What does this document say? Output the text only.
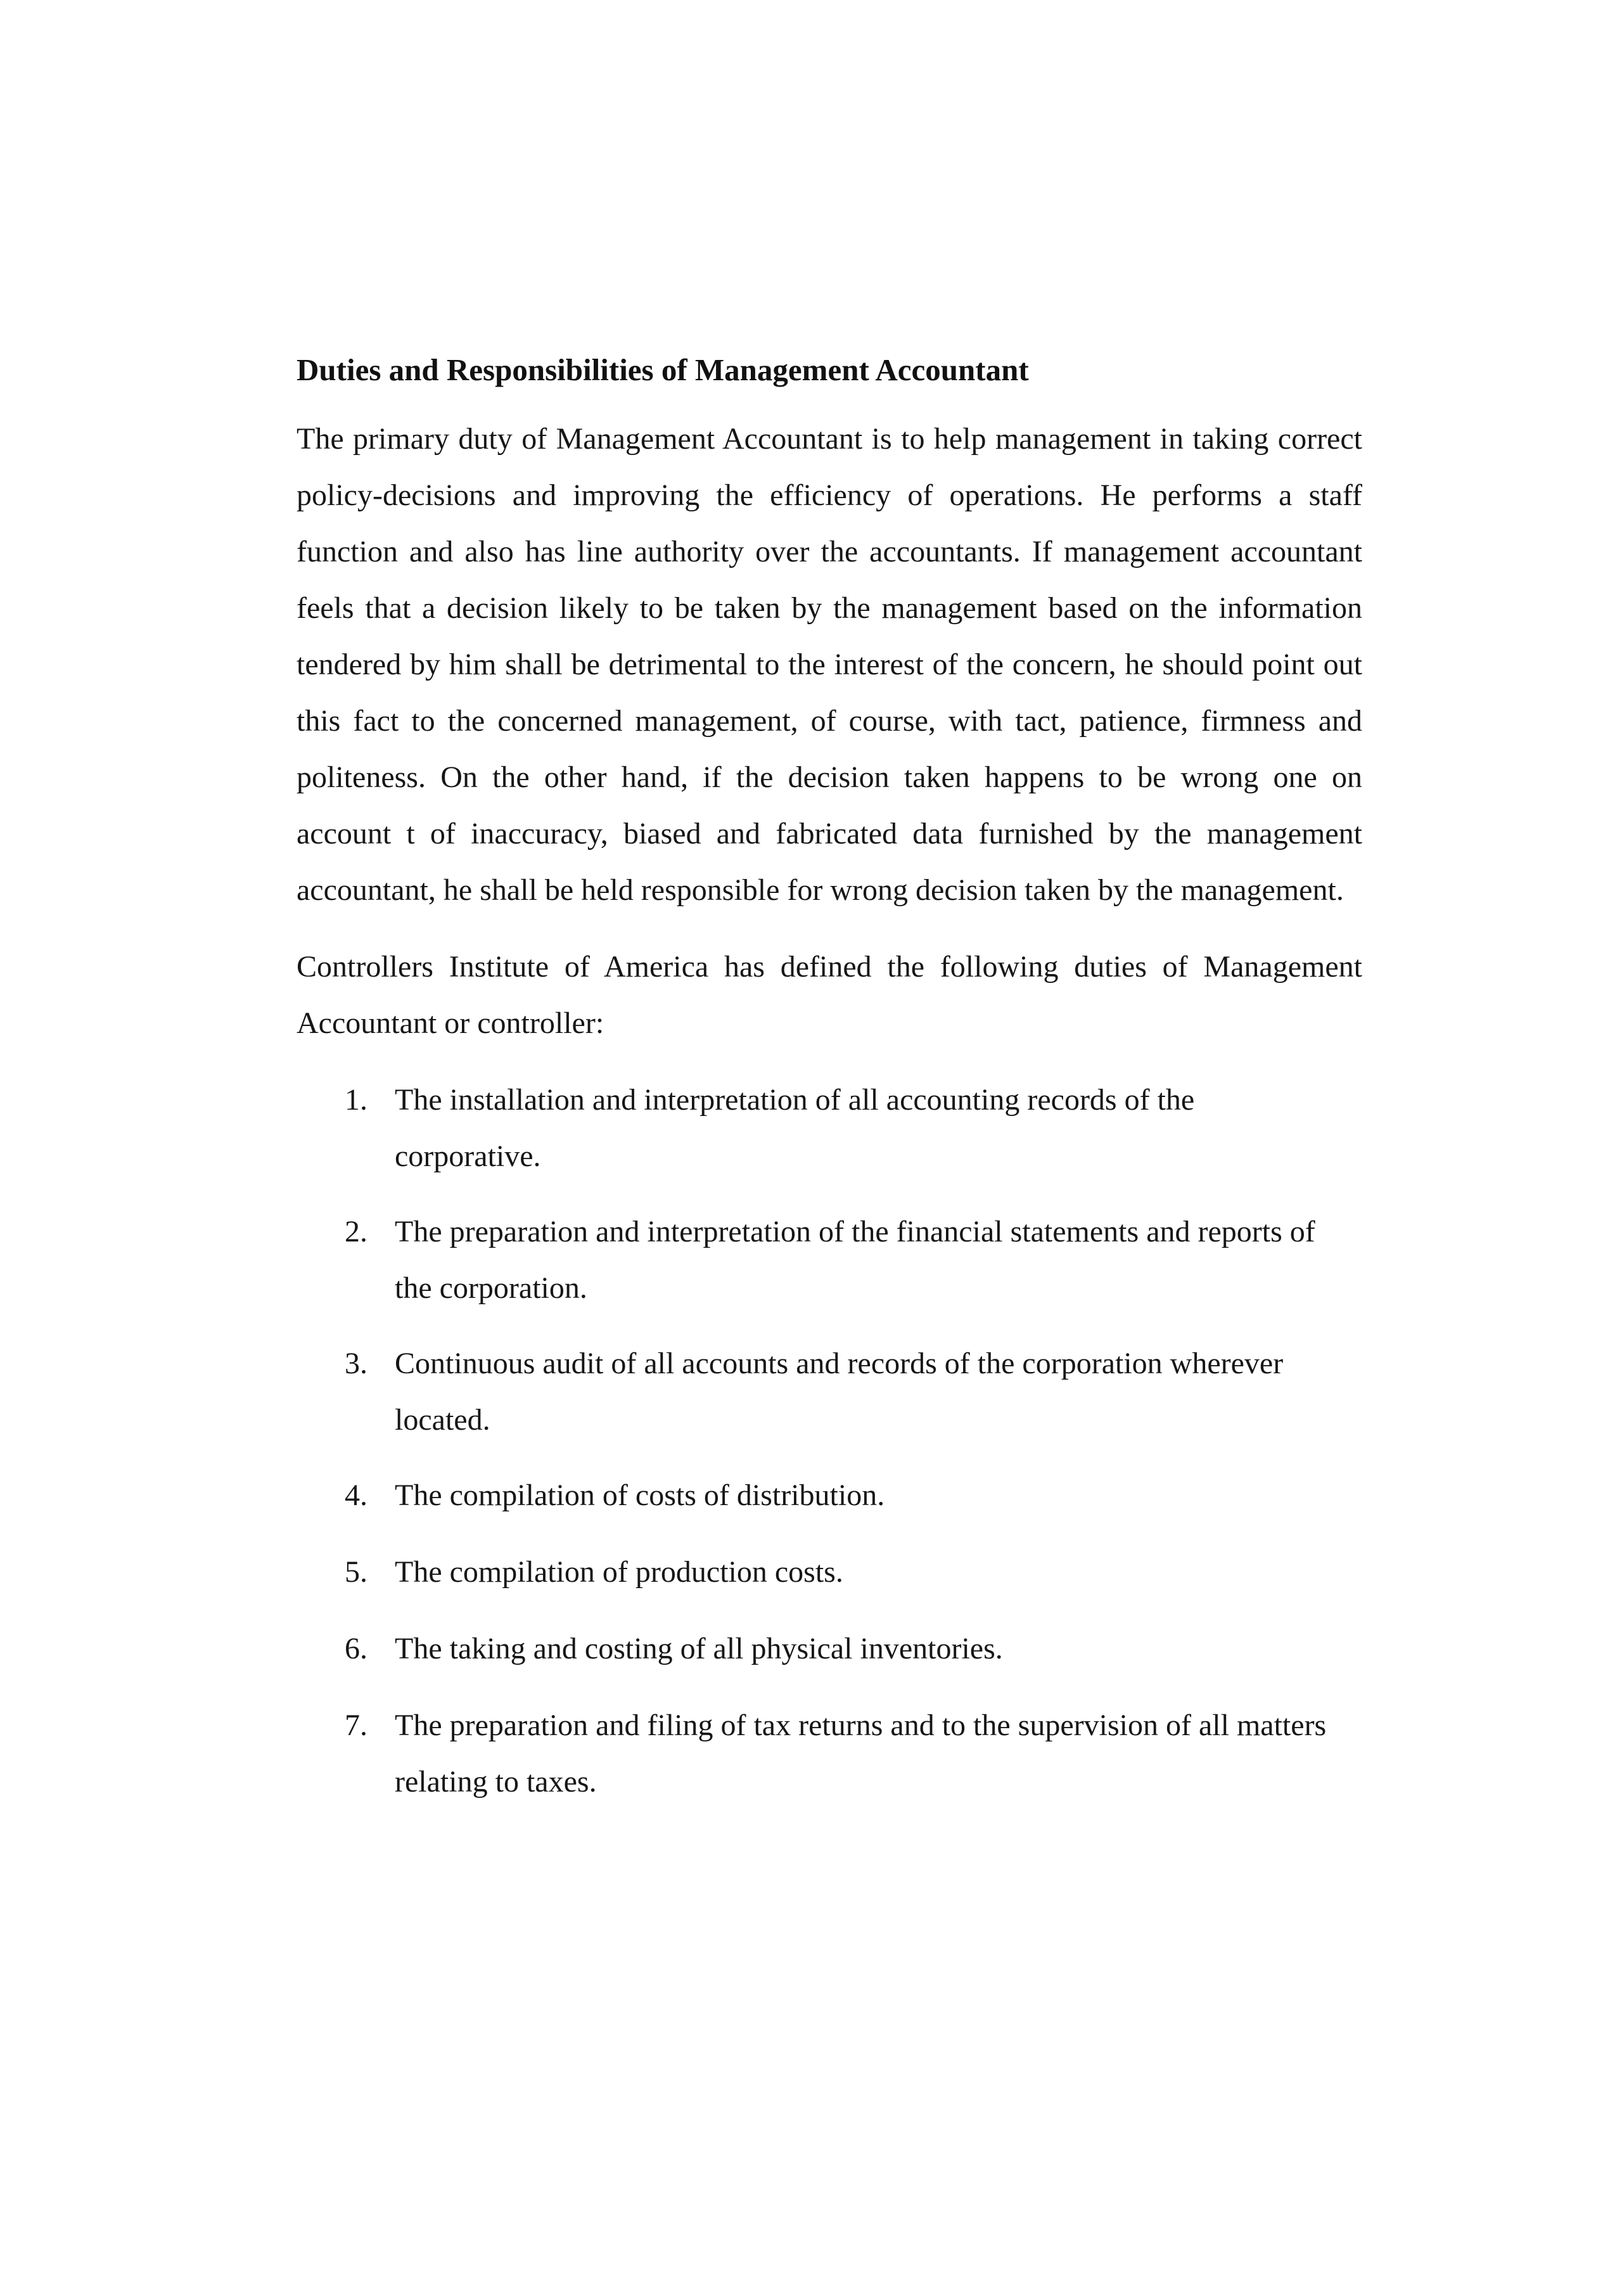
Duties and Responsibilities of Management Accountant

The primary duty of Management Accountant is to help management in taking correct policy-decisions and improving the efficiency of operations. He performs a staff function and also has line authority over the accountants. If management accountant feels that a decision likely to be taken by the management based on the information tendered by him shall be detrimental to the interest of the concern, he should point out this fact to the concerned management, of course, with tact, patience, firmness and politeness. On the other hand, if the decision taken happens to be wrong one on account t of inaccuracy, biased and fabricated data furnished by the management accountant, he shall be held responsible for wrong decision taken by the management.

Controllers Institute of America has defined the following duties of Management Accountant or controller:

1. The installation and interpretation of all accounting records of the corporative.
2. The preparation and interpretation of the financial statements and reports of the corporation.
3. Continuous audit of all accounts and records of the corporation wherever located.
4. The compilation of costs of distribution.
5. The compilation of production costs.
6. The taking and costing of all physical inventories.
7. The preparation and filing of tax returns and to the supervision of all matters relating to taxes.
